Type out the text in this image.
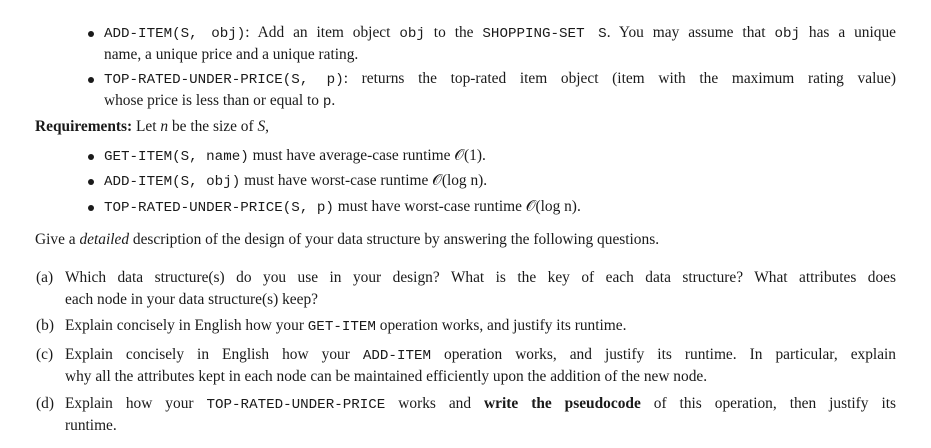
ADD-ITEM(S, obj): Add an item object obj to the SHOPPING-SET S. You may assume that obj has a unique
name, a unique price and a unique rating.
TOP-RATED-UNDER-PRICE(S, p): returns the top-rated item object (item with the maximum rating value)
whose price is less than or equal to p.
Requirements: Let n be the size of S,
GET-ITEM(S, name) must have average-case runtime 𝒪(1).
ADD-ITEM(S, obj) must have worst-case runtime 𝒪(log n).
TOP-RATED-UNDER-PRICE(S, p) must have worst-case runtime 𝒪(log n).
Give a detailed description of the design of your data structure by answering the following questions.
(a) Which data structure(s) do you use in your design? What is the key of each data structure? What attributes does
each node in your data structure(s) keep?
(b) Explain concisely in English how your GET-ITEM operation works, and justify its runtime.
(c) Explain concisely in English how your ADD-ITEM operation works, and justify its runtime. In particular, explain
why all the attributes kept in each node can be maintained efficiently upon the addition of the new node.
(d) Explain how your TOP-RATED-UNDER-PRICE works and write the pseudocode of this operation, then justify its
runtime.
